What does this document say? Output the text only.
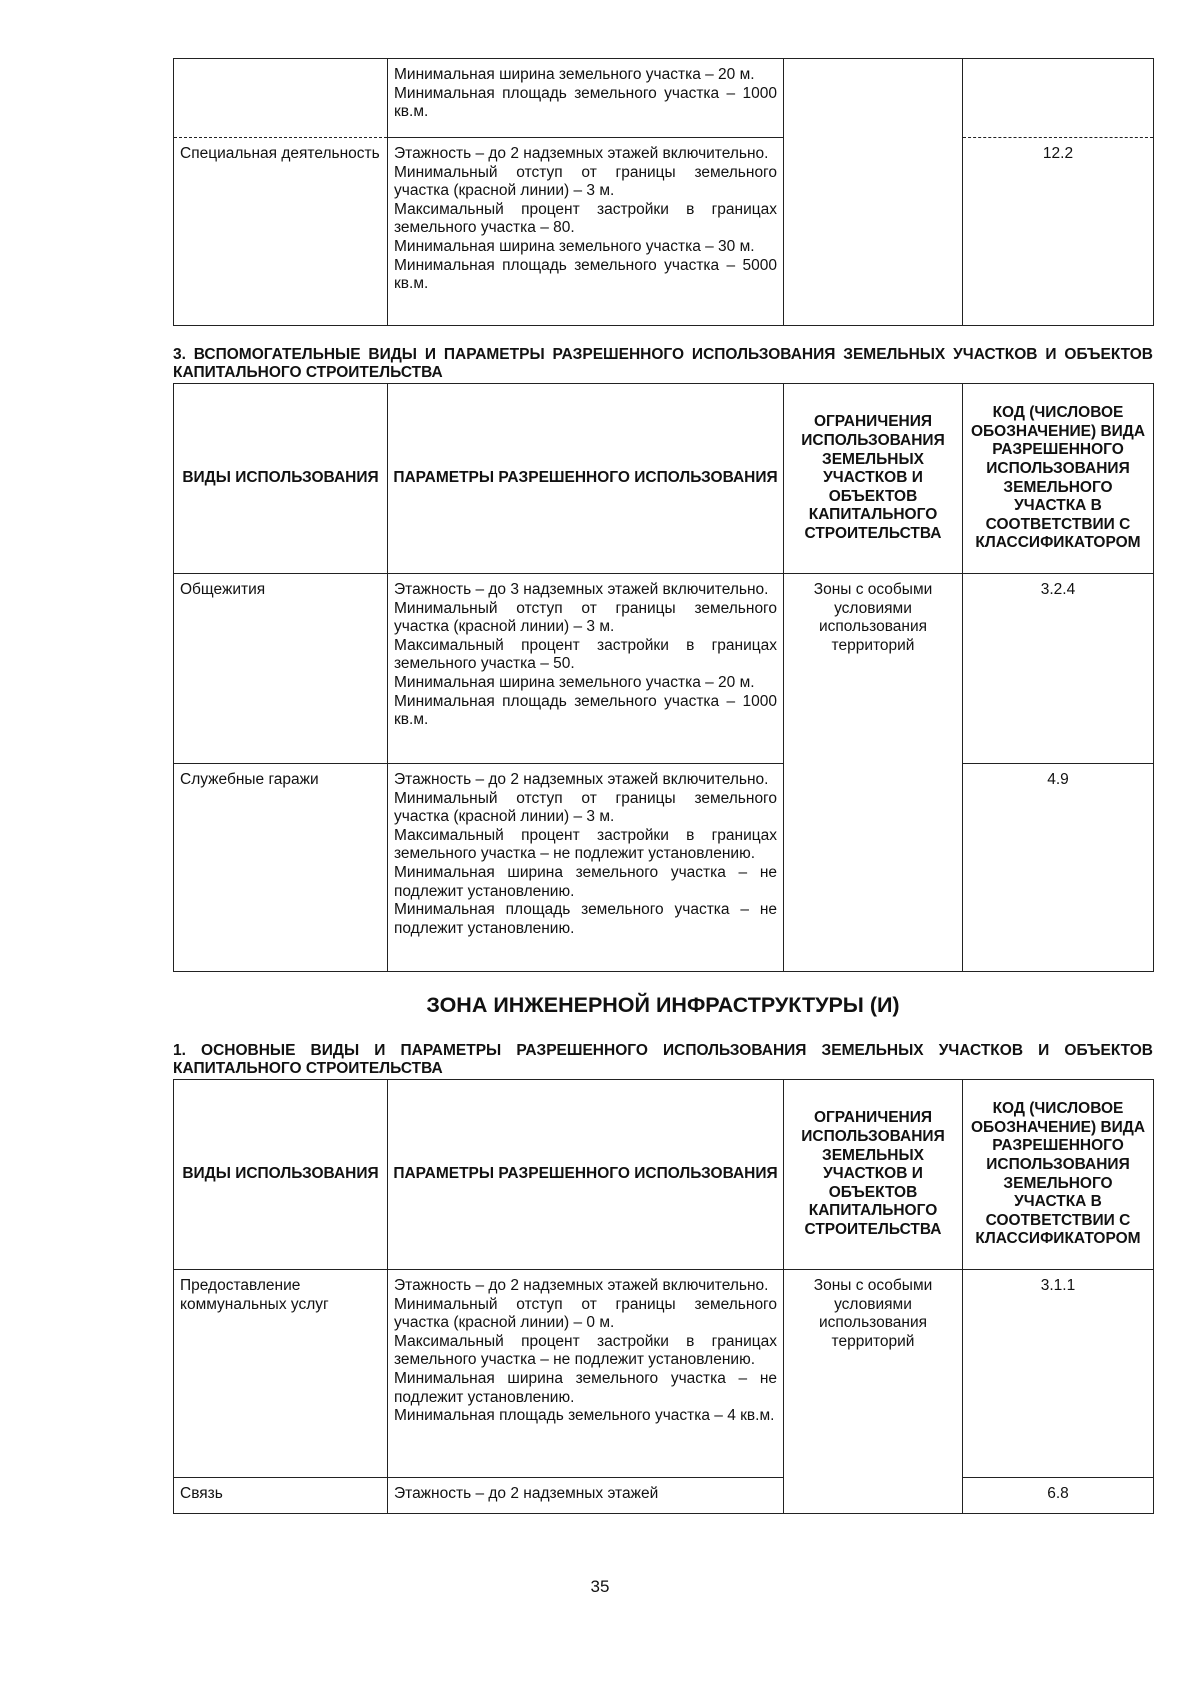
	Минимальная ширина земельного участка – 20 м.
Минимальная площадь земельного участка – 1000 кв.м.		

Специальная деятельность	Этажность – до 2 надземных этажей включительно.
Минимальный отступ от границы земельного участка (красной линии) – 3 м.
Максимальный процент застройки в границах земельного участка – 80.
Минимальная ширина земельного участка – 30 м.
Минимальная площадь земельного участка – 5000 кв.м.		12.2
3. ВСПОМОГАТЕЛЬНЫЕ ВИДЫ И ПАРАМЕТРЫ РАЗРЕШЕННОГО ИСПОЛЬЗОВАНИЯ ЗЕМЕЛЬНЫХ УЧАСТКОВ И ОБЪЕКТОВ КАПИТАЛЬНОГО СТРОИТЕЛЬСТВА
ВИДЫ ИСПОЛЬЗОВАНИЯ	ПАРАМЕТРЫ РАЗРЕШЕННОГО ИСПОЛЬЗОВАНИЯ	ОГРАНИЧЕНИЯ ИСПОЛЬЗОВАНИЯ ЗЕМЕЛЬНЫХ УЧАСТКОВ И ОБЪЕКТОВ КАПИТАЛЬНОГО СТРОИТЕЛЬСТВА	КОД (ЧИСЛОВОЕ ОБОЗНАЧЕНИЕ) ВИДА РАЗРЕШЕННОГО ИСПОЛЬЗОВАНИЯ ЗЕМЕЛЬНОГО УЧАСТКА В СООТВЕТСТВИИ С КЛАССИФИКАТОРОМ
Общежития	Этажность – до 3 надземных этажей включительно.
Минимальный отступ от границы земельного участка (красной линии) – 3 м.
Максимальный процент застройки в границах земельного участка – 50.
Минимальная ширина земельного участка – 20 м.
Минимальная площадь земельного участка – 1000 кв.м.	Зоны с особыми условиями использования территорий	3.2.4
Служебные гаражи	Этажность – до 2 надземных этажей включительно.
Минимальный отступ от границы земельного участка (красной линии) – 3 м.
Максимальный процент застройки в границах земельного участка – не подлежит установлению.
Минимальная ширина земельного участка – не подлежит установлению.
Минимальная площадь земельного участка – не подлежит установлению.		4.9
ЗОНА ИНЖЕНЕРНОЙ ИНФРАСТРУКТУРЫ (И)
1. ОСНОВНЫЕ ВИДЫ И ПАРАМЕТРЫ РАЗРЕШЕННОГО ИСПОЛЬЗОВАНИЯ ЗЕМЕЛЬНЫХ УЧАСТКОВ И ОБЪЕКТОВ КАПИТАЛЬНОГО СТРОИТЕЛЬСТВА
ВИДЫ ИСПОЛЬЗОВАНИЯ	ПАРАМЕТРЫ РАЗРЕШЕННОГО ИСПОЛЬЗОВАНИЯ	ОГРАНИЧЕНИЯ ИСПОЛЬЗОВАНИЯ ЗЕМЕЛЬНЫХ УЧАСТКОВ И ОБЪЕКТОВ КАПИТАЛЬНОГО СТРОИТЕЛЬСТВА	КОД (ЧИСЛОВОЕ ОБОЗНАЧЕНИЕ) ВИДА РАЗРЕШЕННОГО ИСПОЛЬЗОВАНИЯ ЗЕМЕЛЬНОГО УЧАСТКА В СООТВЕТСТВИИ С КЛАССИФИКАТОРОМ
Предоставление коммунальных услуг	Этажность – до 2 надземных этажей включительно.
Минимальный отступ от границы земельного участка (красной линии) – 0 м.
Максимальный процент застройки в границах земельного участка – не подлежит установлению.
Минимальная ширина земельного участка – не подлежит установлению.
Минимальная площадь земельного участка – 4 кв.м.	Зоны с особыми условиями использования территорий	3.1.1
Связь	Этажность – до 2 надземных этажей		6.8
35
